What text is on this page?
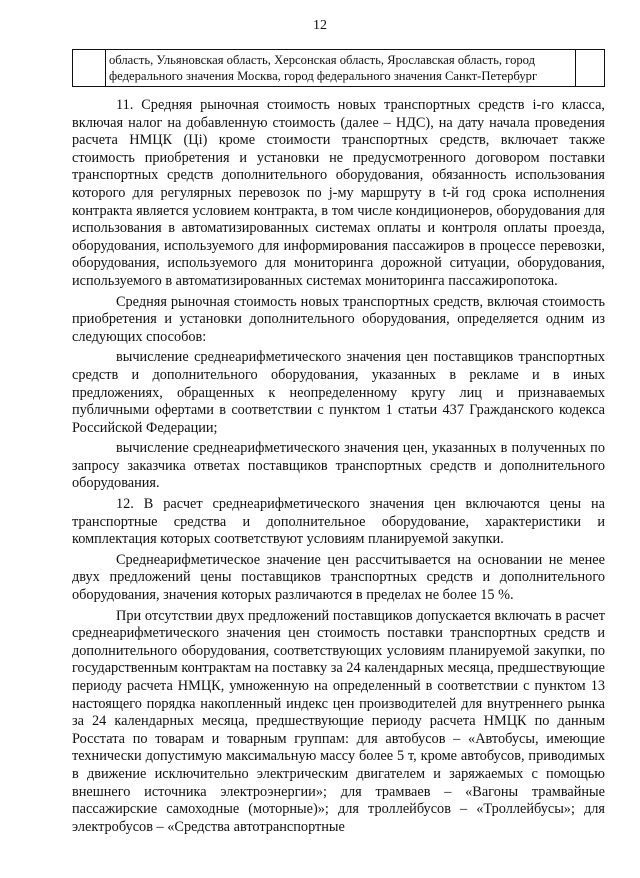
12
область, Ульяновская область, Херсонская область, Ярославская область, город
федерального значения Москва, город федерального значения Санкт-Петербург

11. Средняя рыночная стоимость новых транспортных средств i-го класса, включая налог на добавленную стоимость (далее – НДС), на дату начала проведения расчета НМЦК (Цi) кроме стоимости транспортных средств, включает также стоимость приобретения и установки не предусмотренного договором поставки транспортных средств дополнительного оборудования, обязанность использования которого для регулярных перевозок по j-му маршруту в t-й год срока исполнения контракта является условием контракта, в том числе кондиционеров, оборудования для использования в автоматизированных системах оплаты и контроля оплаты проезда, оборудования, используемого для информирования пассажиров в процессе перевозки, оборудования, используемого для мониторинга дорожной ситуации, оборудования, используемого в автоматизированных системах мониторинга пассажиропотока.

Средняя рыночная стоимость новых транспортных средств, включая стоимость приобретения и установки дополнительного оборудования, определяется одним из следующих способов:

вычисление среднеарифметического значения цен поставщиков транспортных средств и дополнительного оборудования, указанных в рекламе и в иных предложениях, обращенных к неопределенному кругу лиц и признаваемых публичными офертами в соответствии с пунктом 1 статьи 437 Гражданского кодекса Российской Федерации;

вычисление среднеарифметического значения цен, указанных в полученных по запросу заказчика ответах поставщиков транспортных средств и дополнительного оборудования.

12. В расчет среднеарифметического значения цен включаются цены на транспортные средства и дополнительное оборудование, характеристики и комплектация которых соответствуют условиям планируемой закупки.

Среднеарифметическое значение цен рассчитывается на основании не менее двух предложений цены поставщиков транспортных средств и дополнительного оборудования, значения которых различаются в пределах не более 15 %.

При отсутствии двух предложений поставщиков допускается включать в расчет среднеарифметического значения цен стоимость поставки транспортных средств и дополнительного оборудования, соответствующих условиям планируемой закупки, по государственным контрактам на поставку за 24 календарных месяца, предшествующие периоду расчета НМЦК, умноженную на определенный в соответствии с пунктом 13 настоящего порядка накопленный индекс цен производителей для внутреннего рынка за 24 календарных месяца, предшествующие периоду расчета НМЦК по данным Росстата по товарам и товарным группам: для автобусов – «Автобусы, имеющие технически допустимую максимальную массу более 5 т, кроме автобусов, приводимых в движение исключительно электрическим двигателем и заряжаемых с помощью внешнего источника электроэнергии»; для трамваев – «Вагоны трамвайные пассажирские самоходные (моторные)»; для троллейбусов – «Троллейбусы»; для электробусов – «Средства автотранспортные
